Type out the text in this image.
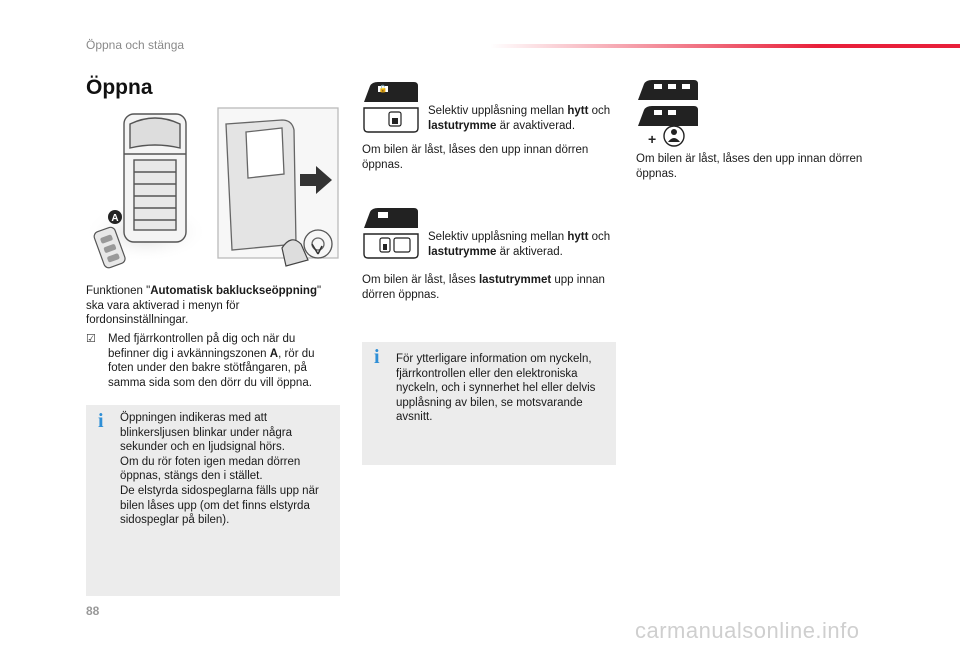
Öppna och stänga
Öppna
A
Funktionen "Automatisk bakluckseöppning" ska vara aktiverad i menyn för fordonsinställningar.
☑ Med fjärrkontrollen på dig och när du befinner dig i avkänningszonen A, rör du foten under den bakre stötfångaren, på samma sida som den dörr du vill öppna.
i Öppningen indikeras med att blinkersljusen blinkar under några sekunder och en ljudsignal hörs.
Om du rör foten igen medan dörren öppnas, stängs den i stället.
De elstyrda sidospeglarna fälls upp när bilen låses upp (om det finns elstyrda sidospeglar på bilen).
🔓
Selektiv upplåsning mellan hytt och lastutrymme är avaktiverad.
Om bilen är låst, låses den upp innan dörren öppnas.
Selektiv upplåsning mellan hytt och lastutrymme är aktiverad.
Om bilen är låst, låses lastutrymmet upp innan dörren öppnas.
i För ytterligare information om nyckeln, fjärrkontrollen eller den elektroniska nyckeln, och i synnerhet hel eller delvis upplåsning av bilen, se motsvarande avsnitt.
+
Om bilen är låst, låses den upp innan dörren öppnas.
88
carmanualsonline.info
